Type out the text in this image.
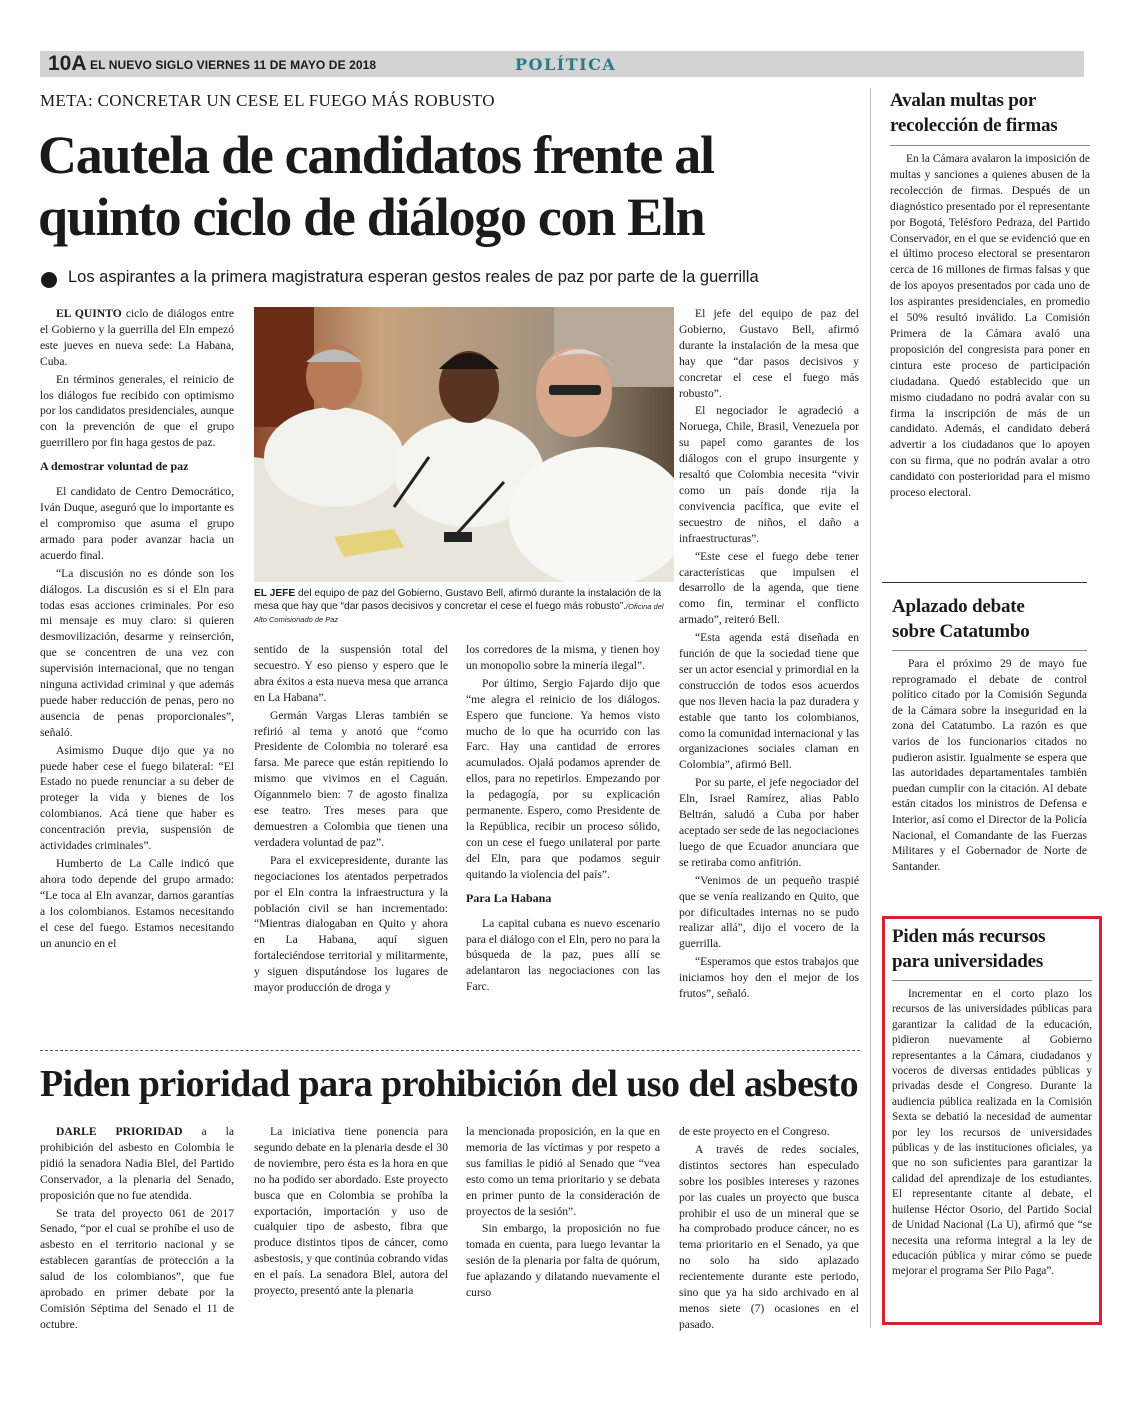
10A EL NUEVO SIGLO VIERNES 11 DE MAYO DE 2018	POLÍTICA
META: CONCRETAR UN CESE EL FUEGO MÁS ROBUSTO
Cautela de candidatos frente al
quinto ciclo de diálogo con Eln
Los aspirantes a la primera magistratura esperan gestos reales de paz por parte de la guerrilla

EL QUINTO ciclo de diálogos entre el Gobierno y la guerrilla del Eln empezó este jueves en nueva sede: La Habana, Cuba.

En términos generales, el reinicio de los diálogos fue recibido con optimismo por los candidatos presidenciales, aunque con la prevención de que el grupo guerrillero por fin haga gestos de paz.

A demostrar voluntad de paz

El candidato de Centro Democrático, Iván Duque, aseguró que lo importante es el compromiso que asuma el grupo armado para poder avanzar hacia un acuerdo final.

“La discusión no es dónde son los diálogos. La discusión es si el Eln para todas esas acciones criminales. Por eso mi mensaje es muy claro: si quieren desmovilización, desarme y reinserción, que se concentren de una vez con supervisión internacional, que no tengan ninguna actividad criminal y que además puede haber reducción de penas, pero no ausencia de penas proporcionales”, señaló.

Asimismo Duque dijo que ya no puede haber cese el fuego bilateral: “El Estado no puede renunciar a su deber de proteger la vida y bienes de los colombianos. Acá tiene que haber es concentración previa, suspensión de actividades criminales”.

Humberto de La Calle indicó que ahora todo depende del grupo armado: “Le toca al Eln avanzar, darnos garantías a los colombianos. Estamos necesitando el cese del fuego. Estamos necesitando un anuncio en el

EL JEFE del equipo de paz del Gobierno, Gustavo Bell, afirmó durante la instalación de la mesa que hay que “dar pasos decisivos y concretar el cese el fuego más robusto”./Oficina del Alto Comisionado de Paz

sentido de la suspensión total del secuestro. Y eso pienso y espero que le abra éxitos a esta nueva mesa que arranca en La Habana”.

Germán Vargas Lleras también se refirió al tema y anotó que “como Presidente de Colombia no toleraré esa farsa. Me parece que están repitiendo lo mismo que vivimos en el Caguán. Oígannmelo bien: 7 de agosto finaliza ese teatro. Tres meses para que demuestren a Colombia que tienen una verdadera voluntad de paz”.

Para el exvicepresidente, durante las negociaciones los atentados perpetrados por el Eln contra la infraestructura y la población civil se han incrementado: “Mientras dialogaban en Quito y ahora en La Habana, aquí siguen fortaleciéndose territorial y militarmente, y siguen disputándose los lugares de mayor producción de droga y

los corredores de la misma, y tienen hoy un monopolio sobre la minería ilegal”.

Por último, Sergio Fajardo dijo que “me alegra el reinicio de los diálogos. Espero que funcione. Ya hemos visto mucho de lo que ha ocurrido con las Farc. Hay una cantidad de errores acumulados. Ojalá podamos aprender de ellos, para no repetirlos. Empezando por la pedagogía, por su explicación permanente. Espero, como Presidente de la República, recibir un proceso sólido, con un cese el fuego unilateral por parte del Eln, para que podamos seguir quitando la violencia del país”.

Para La Habana

La capital cubana es nuevo escenario para el diálogo con el Eln, pero no para la búsqueda de la paz, pues allí se adelantaron las negociaciones con las Farc.

El jefe del equipo de paz del Gobierno, Gustavo Bell, afirmó durante la instalación de la mesa que hay que “dar pasos decisivos y concretar el cese el fuego más robusto”.

El negociador le agradeció a Noruega, Chile, Brasil, Venezuela por su papel como garantes de los diálogos con el grupo insurgente y resaltó que Colombia necesita “vivir como un país donde rija la convivencia pacífica, que evite el secuestro de niños, el daño a infraestructuras”.

“Este cese el fuego debe tener características que impulsen el desarrollo de la agenda, que tiene como fin, terminar el conflicto armado”, reiteró Bell.

“Esta agenda está diseñada en función de que la sociedad tiene que ser un actor esencial y primordial en la construcción de todos esos acuerdos que nos lleven hacia la paz duradera y estable que tanto los colombianos, como la comunidad internacional y las organizaciones sociales claman en Colombia”, afirmó Bell.

Por su parte, el jefe negociador del Eln, Israel Ramírez, alias Pablo Beltrán, saludó a Cuba por haber aceptado ser sede de las negociaciones luego de que Ecuador anunciara que se retiraba como anfitrión.

“Venimos de un pequeño traspié que se venía realizando en Quito, que por dificultades internas no se pudo realizar allá”, dijo el vocero de la guerrilla.

“Esperamos que estos trabajos que iniciamos hoy den el mejor de los frutos”, señaló.

Piden prioridad para prohibición del uso del asbesto

DARLE PRIORIDAD a la prohibición del asbesto en Colombia le pidió la senadora Nadia Blel, del Partido Conservador, a la plenaria del Senado, proposición que no fue atendida.

Se trata del proyecto 061 de 2017 Senado, “por el cual se prohíbe el uso de asbesto en el territorio nacional y se establecen garantías de protección a la salud de los colombianos”, que fue aprobado en primer debate por la Comisión Séptima del Senado el 11 de octubre.

La iniciativa tiene ponencia para segundo debate en la plenaria desde el 30 de noviembre, pero ésta es la hora en que no ha podido ser abordado. Este proyecto busca que en Colombia se prohíba la exportación, importación y uso de cualquier tipo de asbesto, fibra que produce distintos tipos de cáncer, como asbestosis, y que continúa cobrando vidas en el país. La senadora Blel, autora del proyecto, presentó ante la plenaria

la mencionada proposición, en la que en memoria de las víctimas y por respeto a sus familias le pidió al Senado que “vea esto como un tema prioritario y se debata en primer punto de la consideración de proyectos de la sesión”.

Sin embargo, la proposición no fue tomada en cuenta, para luego levantar la sesión de la plenaria por falta de quórum, fue aplazando y dilatando nuevamente el curso

de este proyecto en el Congreso.

A través de redes sociales, distintos sectores han especulado sobre los posibles intereses y razones por las cuales un proyecto que busca prohibir el uso de un mineral que se ha comprobado produce cáncer, no es tema prioritario en el Senado, ya que no solo ha sido aplazado recientemente durante este periodo, sino que ya ha sido archivado en al menos siete (7) ocasiones en el pasado.

Avalan multas por
recolección de firmas

En la Cámara avalaron la imposición de multas y sanciones a quienes abusen de la recolección de firmas. Después de un diagnóstico presentado por el representante por Bogotá, Telésforo Pedraza, del Partido Conservador, en el que se evidenció que en el último proceso electoral se presentaron cerca de 16 millones de firmas falsas y que de los apoyos presentados por cada uno de los aspirantes presidenciales, en promedio el 50% resultó inválido. La Comisión Primera de la Cámara avaló una proposición del congresista para poner en cintura este proceso de participación ciudadana. Quedó establecido que un mismo ciudadano no podrá avalar con su firma la inscripción de más de un candidato. Además, el candidato deberá advertir a los ciudadanos que lo apoyen con su firma, que no podrán avalar a otro candidato con posterioridad para el mismo proceso electoral.

Aplazado debate
sobre Catatumbo

Para el próximo 29 de mayo fue reprogramado el debate de control político citado por la Comisión Segunda de la Cámara sobre la inseguridad en la zona del Catatumbo. La razón es que varios de los funcionarios citados no pudieron asistir. Igualmente se espera que las autoridades departamentales también puedan cumplir con la citación. Al debate están citados los ministros de Defensa e Interior, así como el Director de la Policía Nacional, el Comandante de las Fuerzas Militares y el Gobernador de Norte de Santander.

Piden más recursos
para universidades

Incrementar en el corto plazo los recursos de las universidades públicas para garantizar la calidad de la educación, pidieron nuevamente al Gobierno representantes a la Cámara, ciudadanos y voceros de diversas entidades públicas y privadas desde el Congreso. Durante la audiencia pública realizada en la Comisión Sexta se debatió la necesidad de aumentar por ley los recursos de universidades públicas y de las instituciones oficiales, ya que no son suficientes para garantizar la calidad del aprendizaje de los estudiantes. El representante citante al debate, el huilense Héctor Osorio, del Partido Social de Unidad Nacional (La U), afirmó que “se necesita una reforma integral a la ley de educación pública y mirar cómo se puede mejorar el programa Ser Pilo Paga”.
